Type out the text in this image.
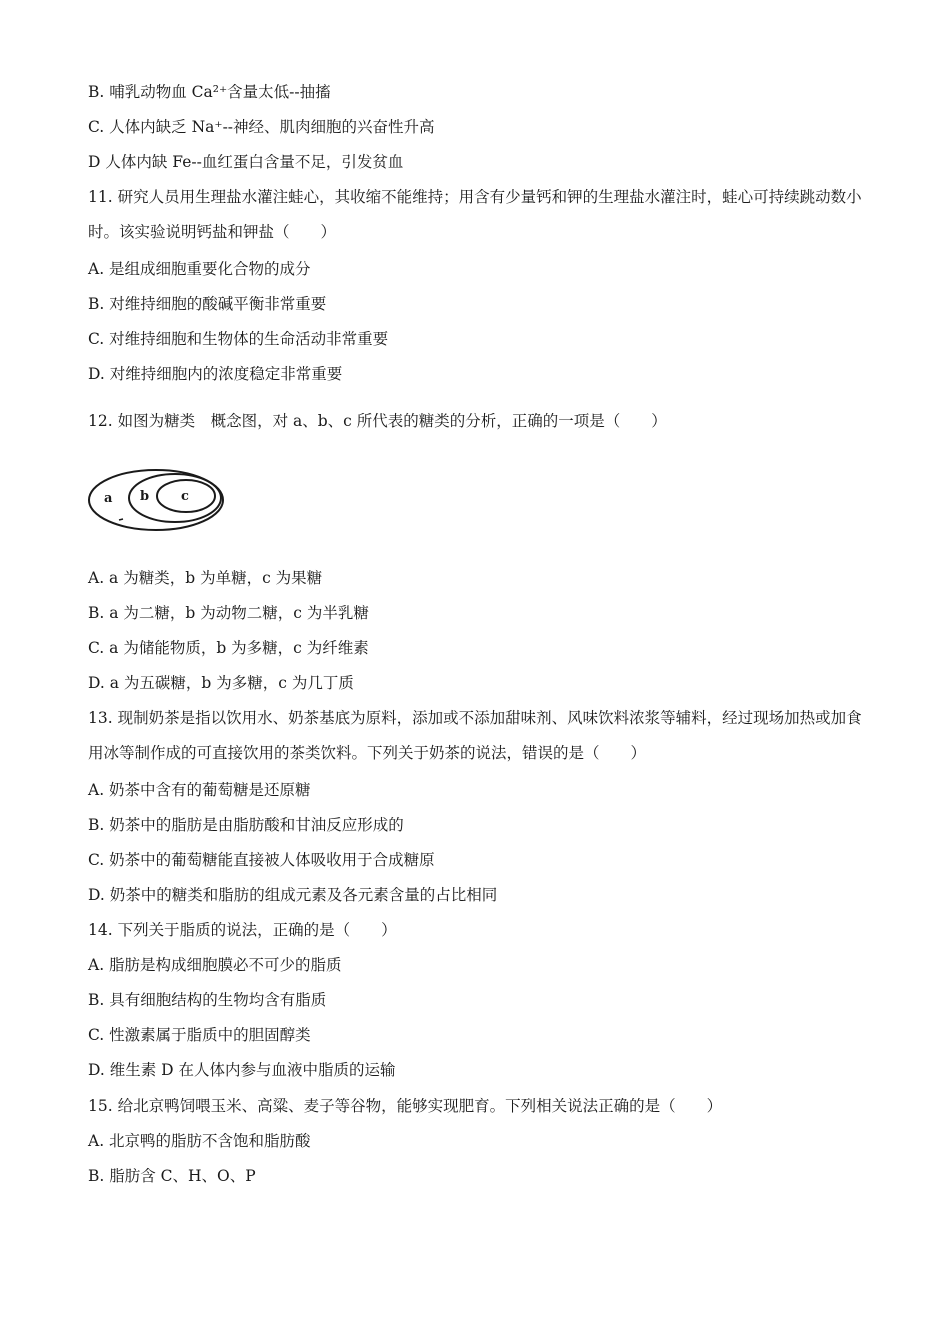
B. 哺乳动物血 Ca²⁺含量太低--抽搐
C. 人体内缺乏 Na⁺--神经、肌肉细胞的兴奋性升高
D 人体内缺 Fe--血红蛋白含量不足，引发贫血
11. 研究人员用生理盐水灌注蛙心，其收缩不能维持；用含有少量钙和钾的生理盐水灌注时，蛙心可持续跳动数小时。该实验说明钙盐和钾盐（　　）
A. 是组成细胞重要化合物的成分
B. 对维持细胞的酸碱平衡非常重要
C. 对维持细胞和生物体的生命活动非常重要
D. 对维持细胞内的浓度稳定非常重要
12. 如图为糖类　概念图，对 a、b、c 所代表的糖类的分析，正确的一项是（　　）
a b c
A. a 为糖类，b 为单糖，c 为果糖
B. a 为二糖，b 为动物二糖，c 为半乳糖
C. a 为储能物质，b 为多糖，c 为纤维素
D. a 为五碳糖，b 为多糖，c 为几丁质
13. 现制奶茶是指以饮用水、奶茶基底为原料，添加或不添加甜味剂、风味饮料浓浆等辅料，经过现场加热或加食用冰等制作成的可直接饮用的茶类饮料。下列关于奶茶的说法，错误的是（　　）
A. 奶茶中含有的葡萄糖是还原糖
B. 奶茶中的脂肪是由脂肪酸和甘油反应形成的
C. 奶茶中的葡萄糖能直接被人体吸收用于合成糖原
D. 奶茶中的糖类和脂肪的组成元素及各元素含量的占比相同
14. 下列关于脂质的说法，正确的是（　　）
A. 脂肪是构成细胞膜必不可少的脂质
B. 具有细胞结构的生物均含有脂质
C. 性激素属于脂质中的胆固醇类
D. 维生素 D 在人体内参与血液中脂质的运输
15. 给北京鸭饲喂玉米、高粱、麦子等谷物，能够实现肥育。下列相关说法正确的是（　　）
A. 北京鸭的脂肪不含饱和脂肪酸
B. 脂肪含 C、H、O、P
